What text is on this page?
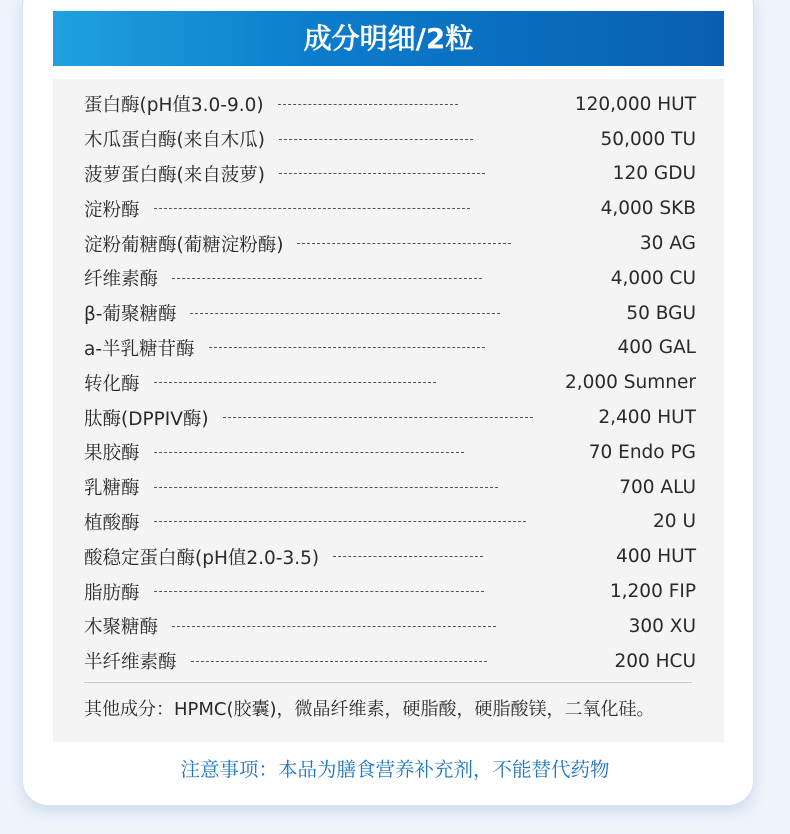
成分明细/2粒
蛋白酶(pH值3.0-9.0)	120,000 HUT
木瓜蛋白酶(来自木瓜)	50,000 TU
菠萝蛋白酶(来自菠萝)	120 GDU
淀粉酶	4,000 SKB
淀粉葡糖酶(葡糖淀粉酶)	30 AG
纤维素酶	4,000 CU
β-葡聚糖酶	50 BGU
a-半乳糖苷酶	400 GAL
转化酶	2,000 Sumner
肽酶(DPPIV酶)	2,400 HUT
果胶酶	70 Endo PG
乳糖酶	700 ALU
植酸酶	20 U
酸稳定蛋白酶(pH值2.0-3.5)	400 HUT
脂肪酶	1,200 FIP
木聚糖酶	300 XU
半纤维素酶	200 HCU
其他成分：HPMC(胶囊)，微晶纤维素，硬脂酸，硬脂酸镁，二氧化硅。
注意事项：本品为膳食营养补充剂，不能替代药物
